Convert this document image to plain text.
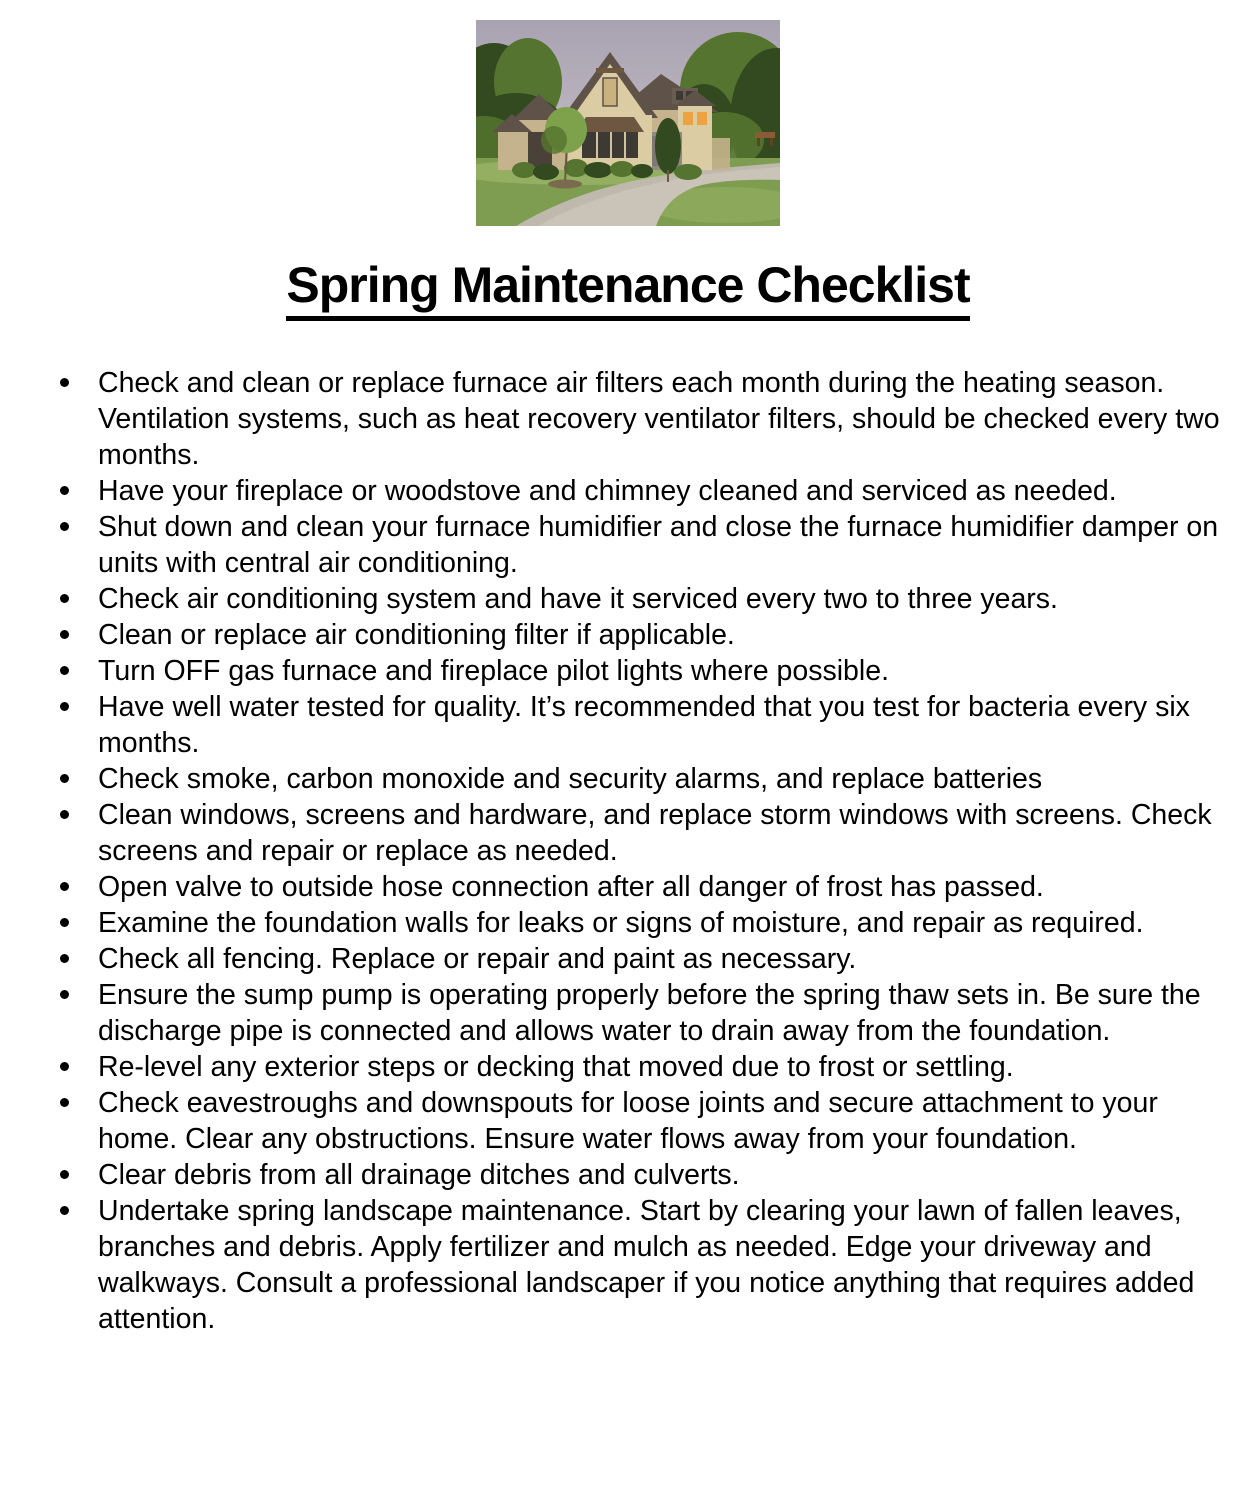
Spring Maintenance Checklist
Check and clean or replace furnace air filters each month during the heating season. Ventilation systems, such as heat recovery ventilator filters, should be checked every two months.
Have your fireplace or woodstove and chimney cleaned and serviced as needed.
Shut down and clean your furnace humidifier and close the furnace humidifier damper on units with central air conditioning.
Check air conditioning system and have it serviced every two to three years.
Clean or replace air conditioning filter if applicable.
Turn OFF gas furnace and fireplace pilot lights where possible.
Have well water tested for quality. It’s recommended that you test for bacteria every six months.
Check smoke, carbon monoxide and security alarms, and replace batteries
Clean windows, screens and hardware, and replace storm windows with screens. Check screens and repair or replace as needed.
Open valve to outside hose connection after all danger of frost has passed.
Examine the foundation walls for leaks or signs of moisture, and repair as required.
Check all fencing. Replace or repair and paint as necessary.
Ensure the sump pump is operating properly before the spring thaw sets in. Be sure the discharge pipe is connected and allows water to drain away from the foundation.
Re-level any exterior steps or decking that moved due to frost or settling.
Check eavestroughs and downspouts for loose joints and secure attachment to your home. Clear any obstructions. Ensure water flows away from your foundation.
Clear debris from all drainage ditches and culverts.
Undertake spring landscape maintenance. Start by clearing your lawn of fallen leaves, branches and debris. Apply fertilizer and mulch as needed. Edge your driveway and walkways. Consult a professional landscaper if you notice anything that requires added attention.
